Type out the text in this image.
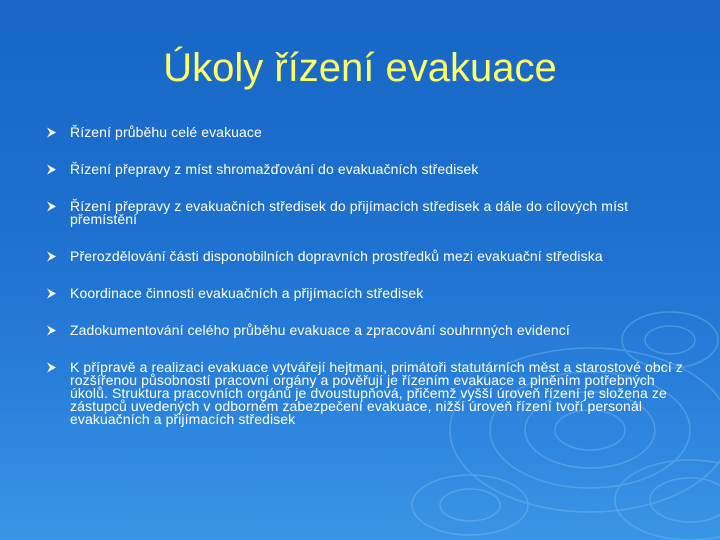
Úkoly řízení evakuace
Řízení průběhu celé evakuace
Řízení přepravy z míst shromažďování do evakuačních středisek
Řízení přepravy z evakuačních středisek do přijímacích středisek a dále do cílových míst přemístění
Přerozdělování části disponobilních dopravních prostředků mezi evakuační střediska
Koordinace činnosti evakuačních a přijímacích středisek
Zadokumentování celého průběhu evakuace a zpracování souhrnných evidencí
K přípravě a realizaci evakuace vytvářejí hejtmani, primátoři statutárních měst a starostové obcí z rozšířenou působností pracovní orgány a pověřují je řízením evakuace a plněním potřebných úkolů. Struktura pracovních orgánů je dvoustupňová, přičemž vyšší úroveň řízení je složena ze zástupců uvedených v odborném zabezpečení evakuace, nižší úroveň řízení tvoří personál evakuačních a přijímacích středisek
